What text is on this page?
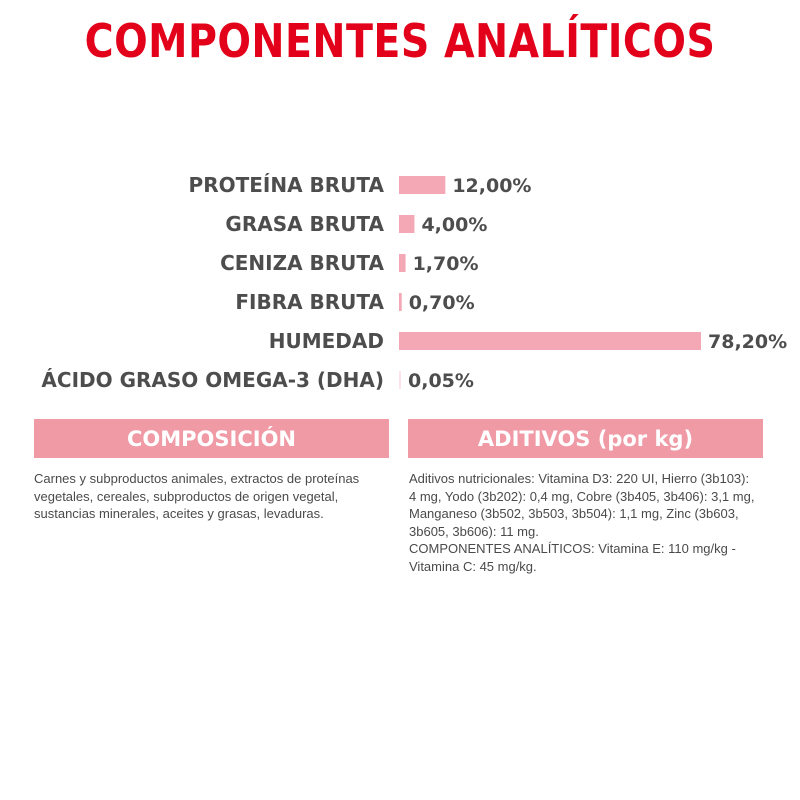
COMPONENTES ANALÍTICOS
PROTEÍNA BRUTA	12,00%
GRASA BRUTA 4,00%
CENIZA BRUTA 1,70%
FIBRA BRUTA 0,70%
HUMEDAD	78,20%
ÁCIDO GRASO OMEGA-3 (DHA) 0,05%
COMPOSICIÓN	ADITIVOS (por kg)
Carnes y subproductos animales, extractos de proteínas
vegetales, cereales, subproductos de origen vegetal,
sustancias minerales, aceites y grasas, levaduras.
Aditivos nutricionales: Vitamina D3: 220 UI, Hierro (3b103):
4 mg, Yodo (3b202): 0,4 mg, Cobre (3b405, 3b406): 3,1 mg,
Manganeso (3b502, 3b503, 3b504): 1,1 mg, Zinc (3b603,
3b605, 3b606): 11 mg.
COMPONENTES ANALÍTICOS: Vitamina E: 110 mg/kg -
Vitamina C: 45 mg/kg.
